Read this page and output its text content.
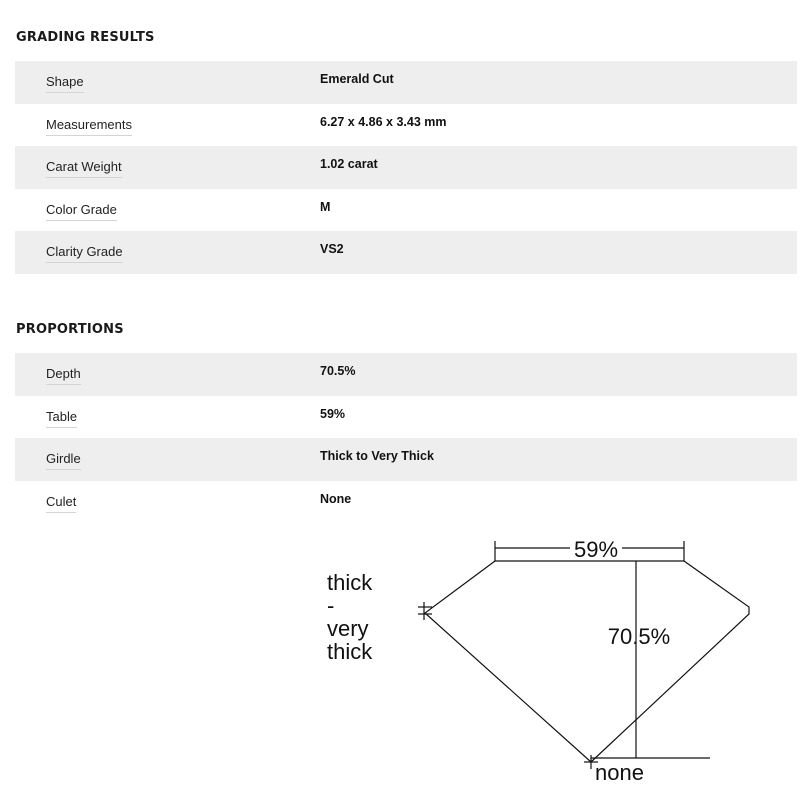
GRADING RESULTS
Shape	Emerald Cut
Measurements	6.27 x 4.86 x 3.43 mm
Carat Weight	1.02 carat
Color Grade	M
Clarity Grade	VS2
PROPORTIONS
Depth	70.5%
Table	59%
Girdle	Thick to Very Thick
Culet	None
59%
70.5%
none
thick
-
very
thick
